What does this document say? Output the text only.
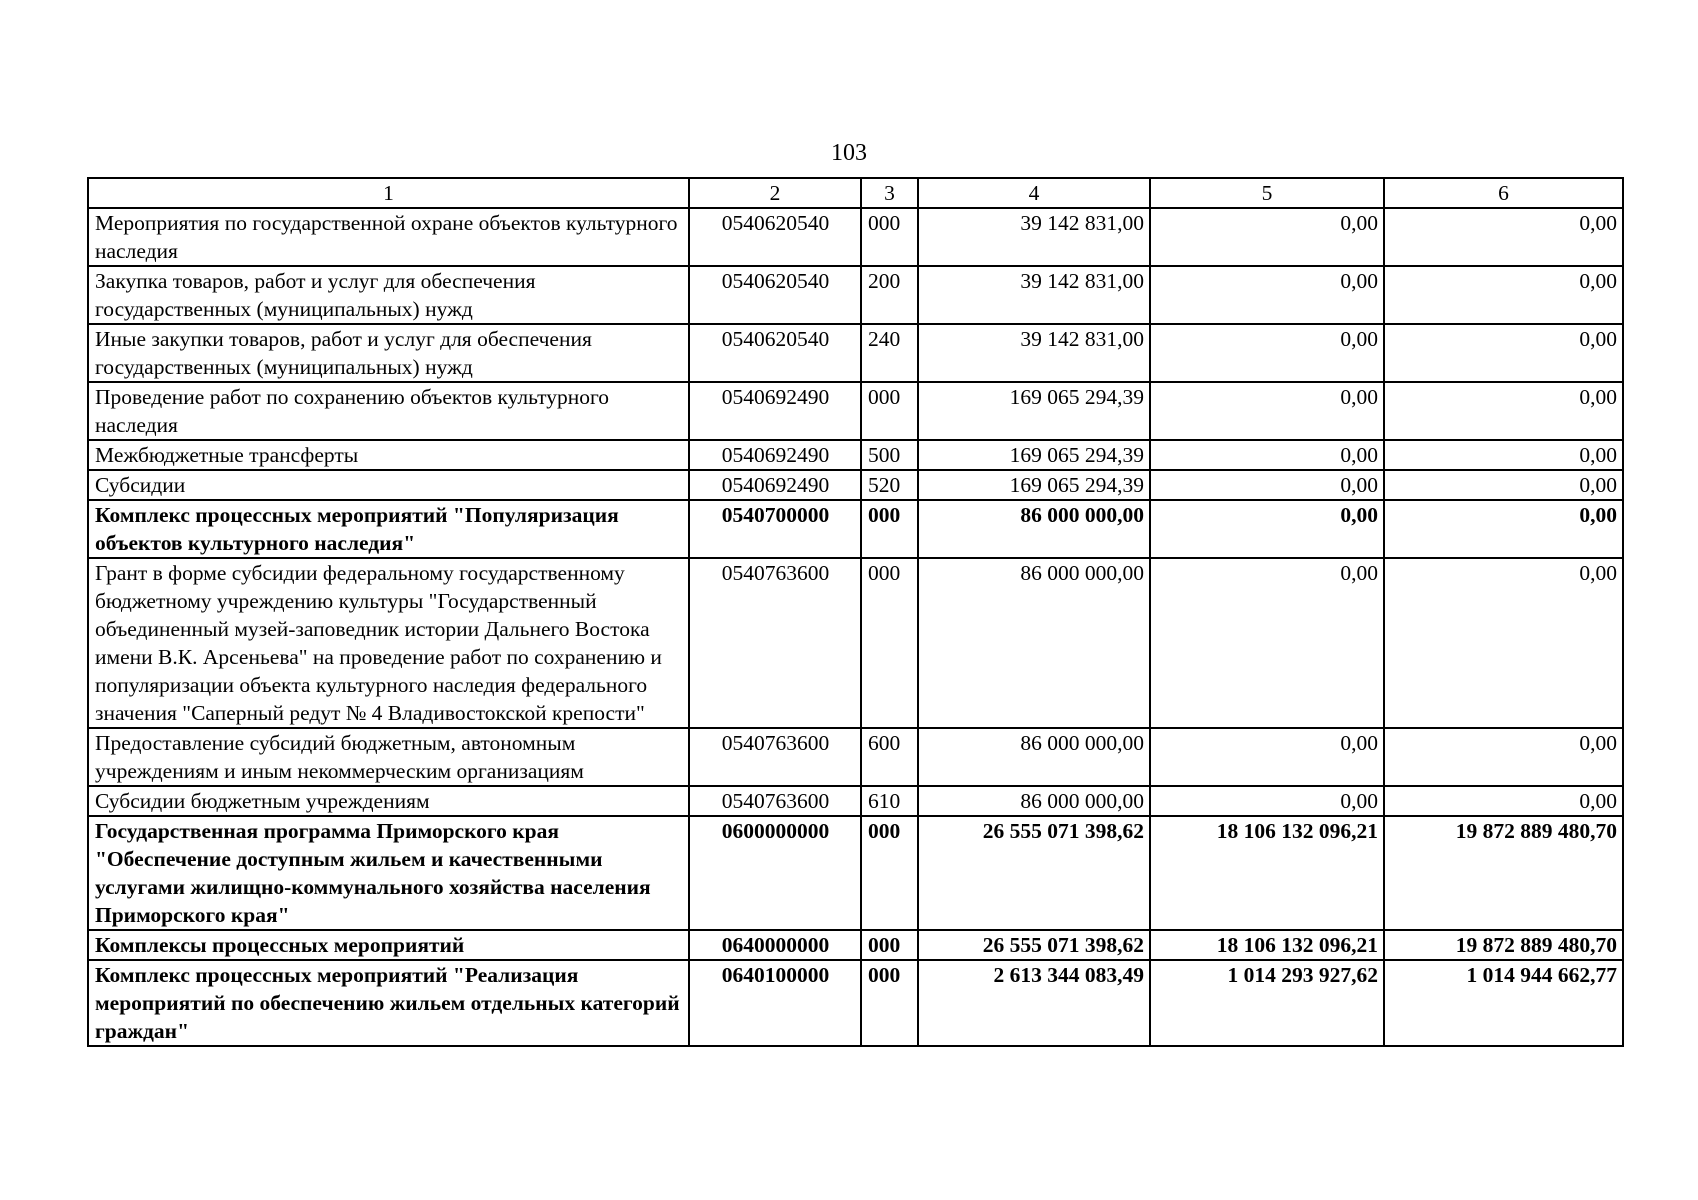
103
1	2	3	4	5	6
Мероприятия по государственной охране объектов культурного наследия	0540620540	000	39 142 831,00	0,00	0,00
Закупка товаров, работ и услуг для обеспечения государственных (муниципальных) нужд	0540620540	200	39 142 831,00	0,00	0,00
Иные закупки товаров, работ и услуг для обеспечения государственных (муниципальных) нужд	0540620540	240	39 142 831,00	0,00	0,00
Проведение работ по сохранению объектов культурного наследия	0540692490	000	169 065 294,39	0,00	0,00
Межбюджетные трансферты	0540692490	500	169 065 294,39	0,00	0,00
Субсидии	0540692490	520	169 065 294,39	0,00	0,00
Комплекс процессных мероприятий "Популяризация объектов культурного наследия"	0540700000	000	86 000 000,00	0,00	0,00
Грант в форме субсидии федеральному государственному бюджетному учреждению культуры "Государственный объединенный музей-заповедник истории Дальнего Востока имени В.К. Арсеньева" на проведение работ по сохранению и популяризации объекта культурного наследия федерального значения "Саперный редут № 4 Владивостокской крепости"	0540763600	000	86 000 000,00	0,00	0,00
Предоставление субсидий бюджетным, автономным учреждениям и иным некоммерческим организациям	0540763600	600	86 000 000,00	0,00	0,00
Субсидии бюджетным учреждениям	0540763600	610	86 000 000,00	0,00	0,00
Государственная программа Приморского края "Обеспечение доступным жильем и качественными услугами жилищно-коммунального хозяйства населения Приморского края"	0600000000	000	26 555 071 398,62	18 106 132 096,21	19 872 889 480,70
Комплексы процессных мероприятий	0640000000	000	26 555 071 398,62	18 106 132 096,21	19 872 889 480,70
Комплекс процессных мероприятий "Реализация мероприятий по обеспечению жильем отдельных категорий граждан"	0640100000	000	2 613 344 083,49	1 014 293 927,62	1 014 944 662,77
